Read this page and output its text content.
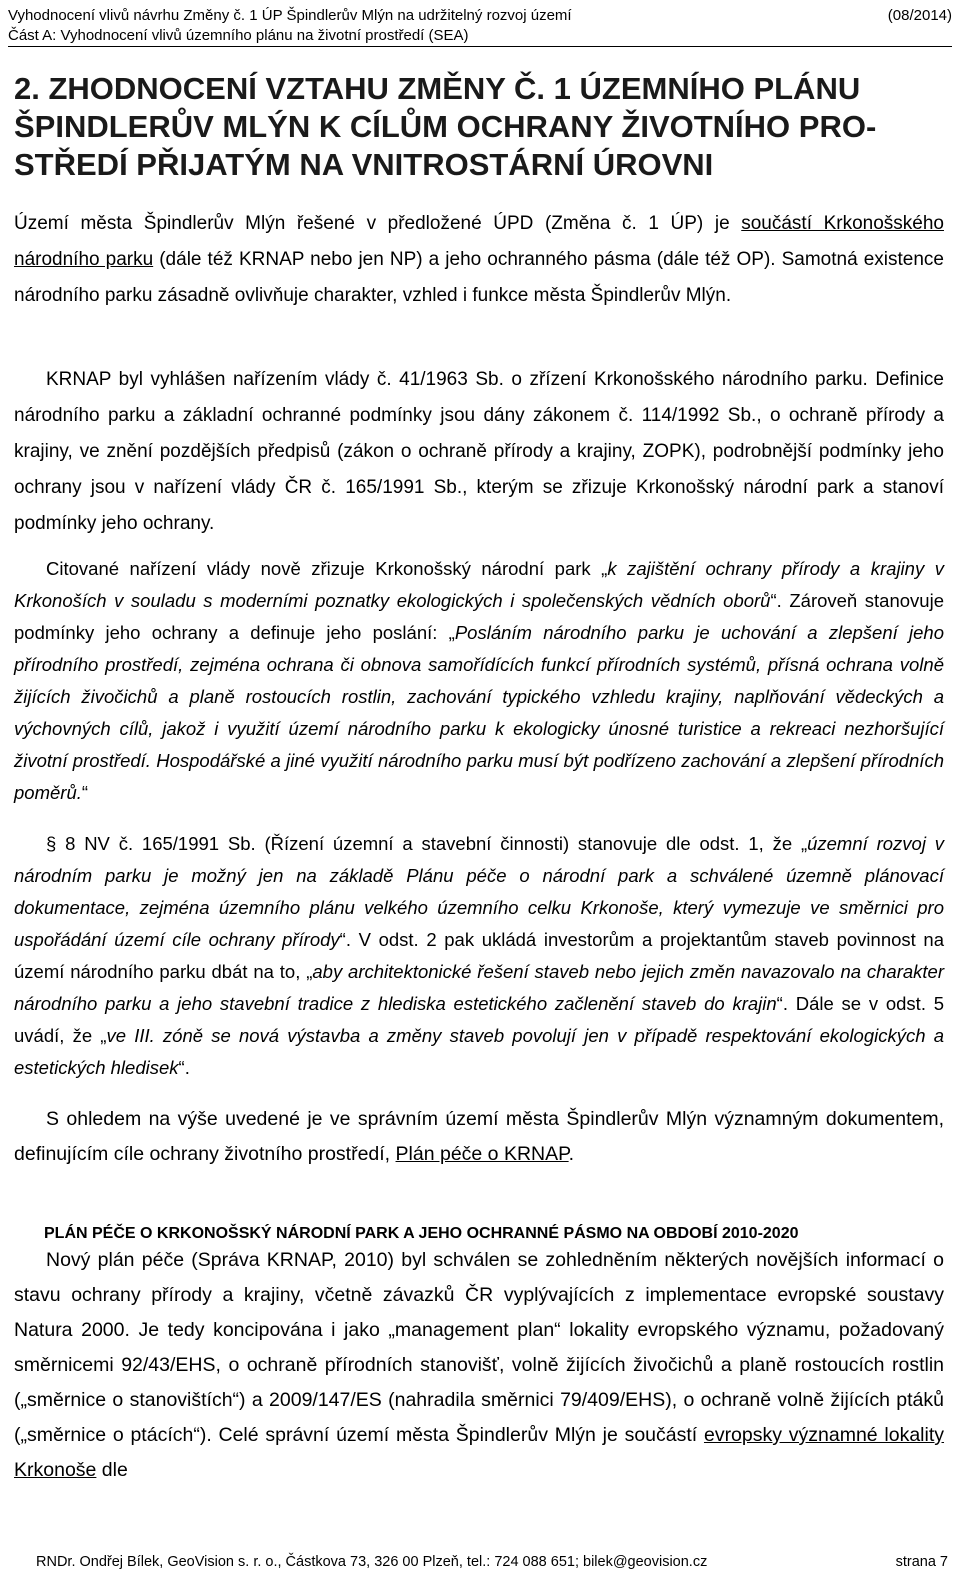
Vyhodnocení vlivů návrhu Změny č. 1 ÚP Špindlerův Mlýn na udržitelný rozvoj území	(08/2014)
Část A: Vyhodnocení vlivů územního plánu na životní prostředí (SEA)
2. ZHODNOCENÍ VZTAHU ZMĚNY Č. 1 ÚZEMNÍHO PLÁNU ŠPINDLERŮV MLÝN K CÍLŮM OCHRANY ŽIVOTNÍHO PRO-STŘEDÍ PŘIJATÝM NA VNITROSTÁRNÍ ÚROVNI

Území města Špindlerův Mlýn řešené v předložené ÚPD (Změna č. 1 ÚP) je součástí Krkonošského národního parku (dále též KRNAP nebo jen NP) a jeho ochranného pásma (dále též OP). Samotná existence národního parku zásadně ovlivňuje charakter, vzhled i funkce města Špindlerův Mlýn.

KRNAP byl vyhlášen nařízením vlády č. 41/1963 Sb. o zřízení Krkonošského národního parku. Definice národního parku a základní ochranné podmínky jsou dány zákonem č. 114/1992 Sb., o ochraně přírody a krajiny, ve znění pozdějších předpisů (zákon o ochraně přírody a krajiny, ZOPK), podrobnější podmínky jeho ochrany jsou v nařízení vlády ČR č. 165/1991 Sb., kterým se zřizuje Krkonošský národní park a stanoví podmínky jeho ochrany.

Citované nařízení vlády nově zřizuje Krkonošský národní park „k zajištění ochrany přírody a krajiny v Krkonoších v souladu s moderními poznatky ekologických i společenských vědních oborů“. Zároveň stanovuje podmínky jeho ochrany a definuje jeho poslání: „Posláním národního parku je uchování a zlepšení jeho přírodního prostředí, zejména ochrana či obnova samořídících funkcí přírodních systémů, přísná ochrana volně žijících živočichů a planě rostoucích rostlin, zachování typického vzhledu krajiny, naplňování vědeckých a výchovných cílů, jakož i využití území národního parku k ekologicky únosné turistice a rekreaci nezhoršující životní prostředí. Hospodářské a jiné využití národního parku musí být podřízeno zachování a zlepšení přírodních poměrů.“

§ 8 NV č. 165/1991 Sb. (Řízení územní a stavební činnosti) stanovuje dle odst. 1, že „územní rozvoj v národním parku je možný jen na základě Plánu péče o národní park a schválené územně plánovací dokumentace, zejména územního plánu velkého územního celku Krkonoše, který vymezuje ve směrnici pro uspořádání území cíle ochrany přírody“. V odst. 2 pak ukládá investorům a projektantům staveb povinnost na území národního parku dbát na to, „aby architektonické řešení staveb nebo jejich změn navazovalo na charakter národního parku a jeho stavební tradice z hlediska estetického začlenění staveb do krajin“. Dále se v odst. 5 uvádí, že „ve III. zóně se nová výstavba a změny staveb povolují jen v případě respektování ekologických a estetických hledisek“.

S ohledem na výše uvedené je ve správním území města Špindlerův Mlýn významným dokumentem, definujícím cíle ochrany životního prostředí, Plán péče o KRNAP.

PLÁN PÉČE O KRKONOŠSKÝ NÁRODNÍ PARK A JEHO OCHRANNÉ PÁSMO NA OBDOBÍ 2010-2020

Nový plán péče (Správa KRNAP, 2010) byl schválen se zohledněním některých novějších informací o stavu ochrany přírody a krajiny, včetně závazků ČR vyplývajících z implementace evropské soustavy Natura 2000. Je tedy koncipována i jako „management plan“ lokality evropského významu, požadovaný směrnicemi 92/43/EHS, o ochraně přírodních stanovišť, volně žijících živočichů a planě rostoucích rostlin („směrnice o stanovištích“) a 2009/147/ES (nahradila směrnici 79/409/EHS), o ochraně volně žijících ptáků („směrnice o ptácích“). Celé správní území města Špindlerův Mlýn je součástí evropsky významné lokality Krkonoše dle

RNDr. Ondřej Bílek, GeoVision s. r. o., Částkova 73, 326 00 Plzeň, tel.: 724 088 651; bilek@geovision.cz	strana 7
